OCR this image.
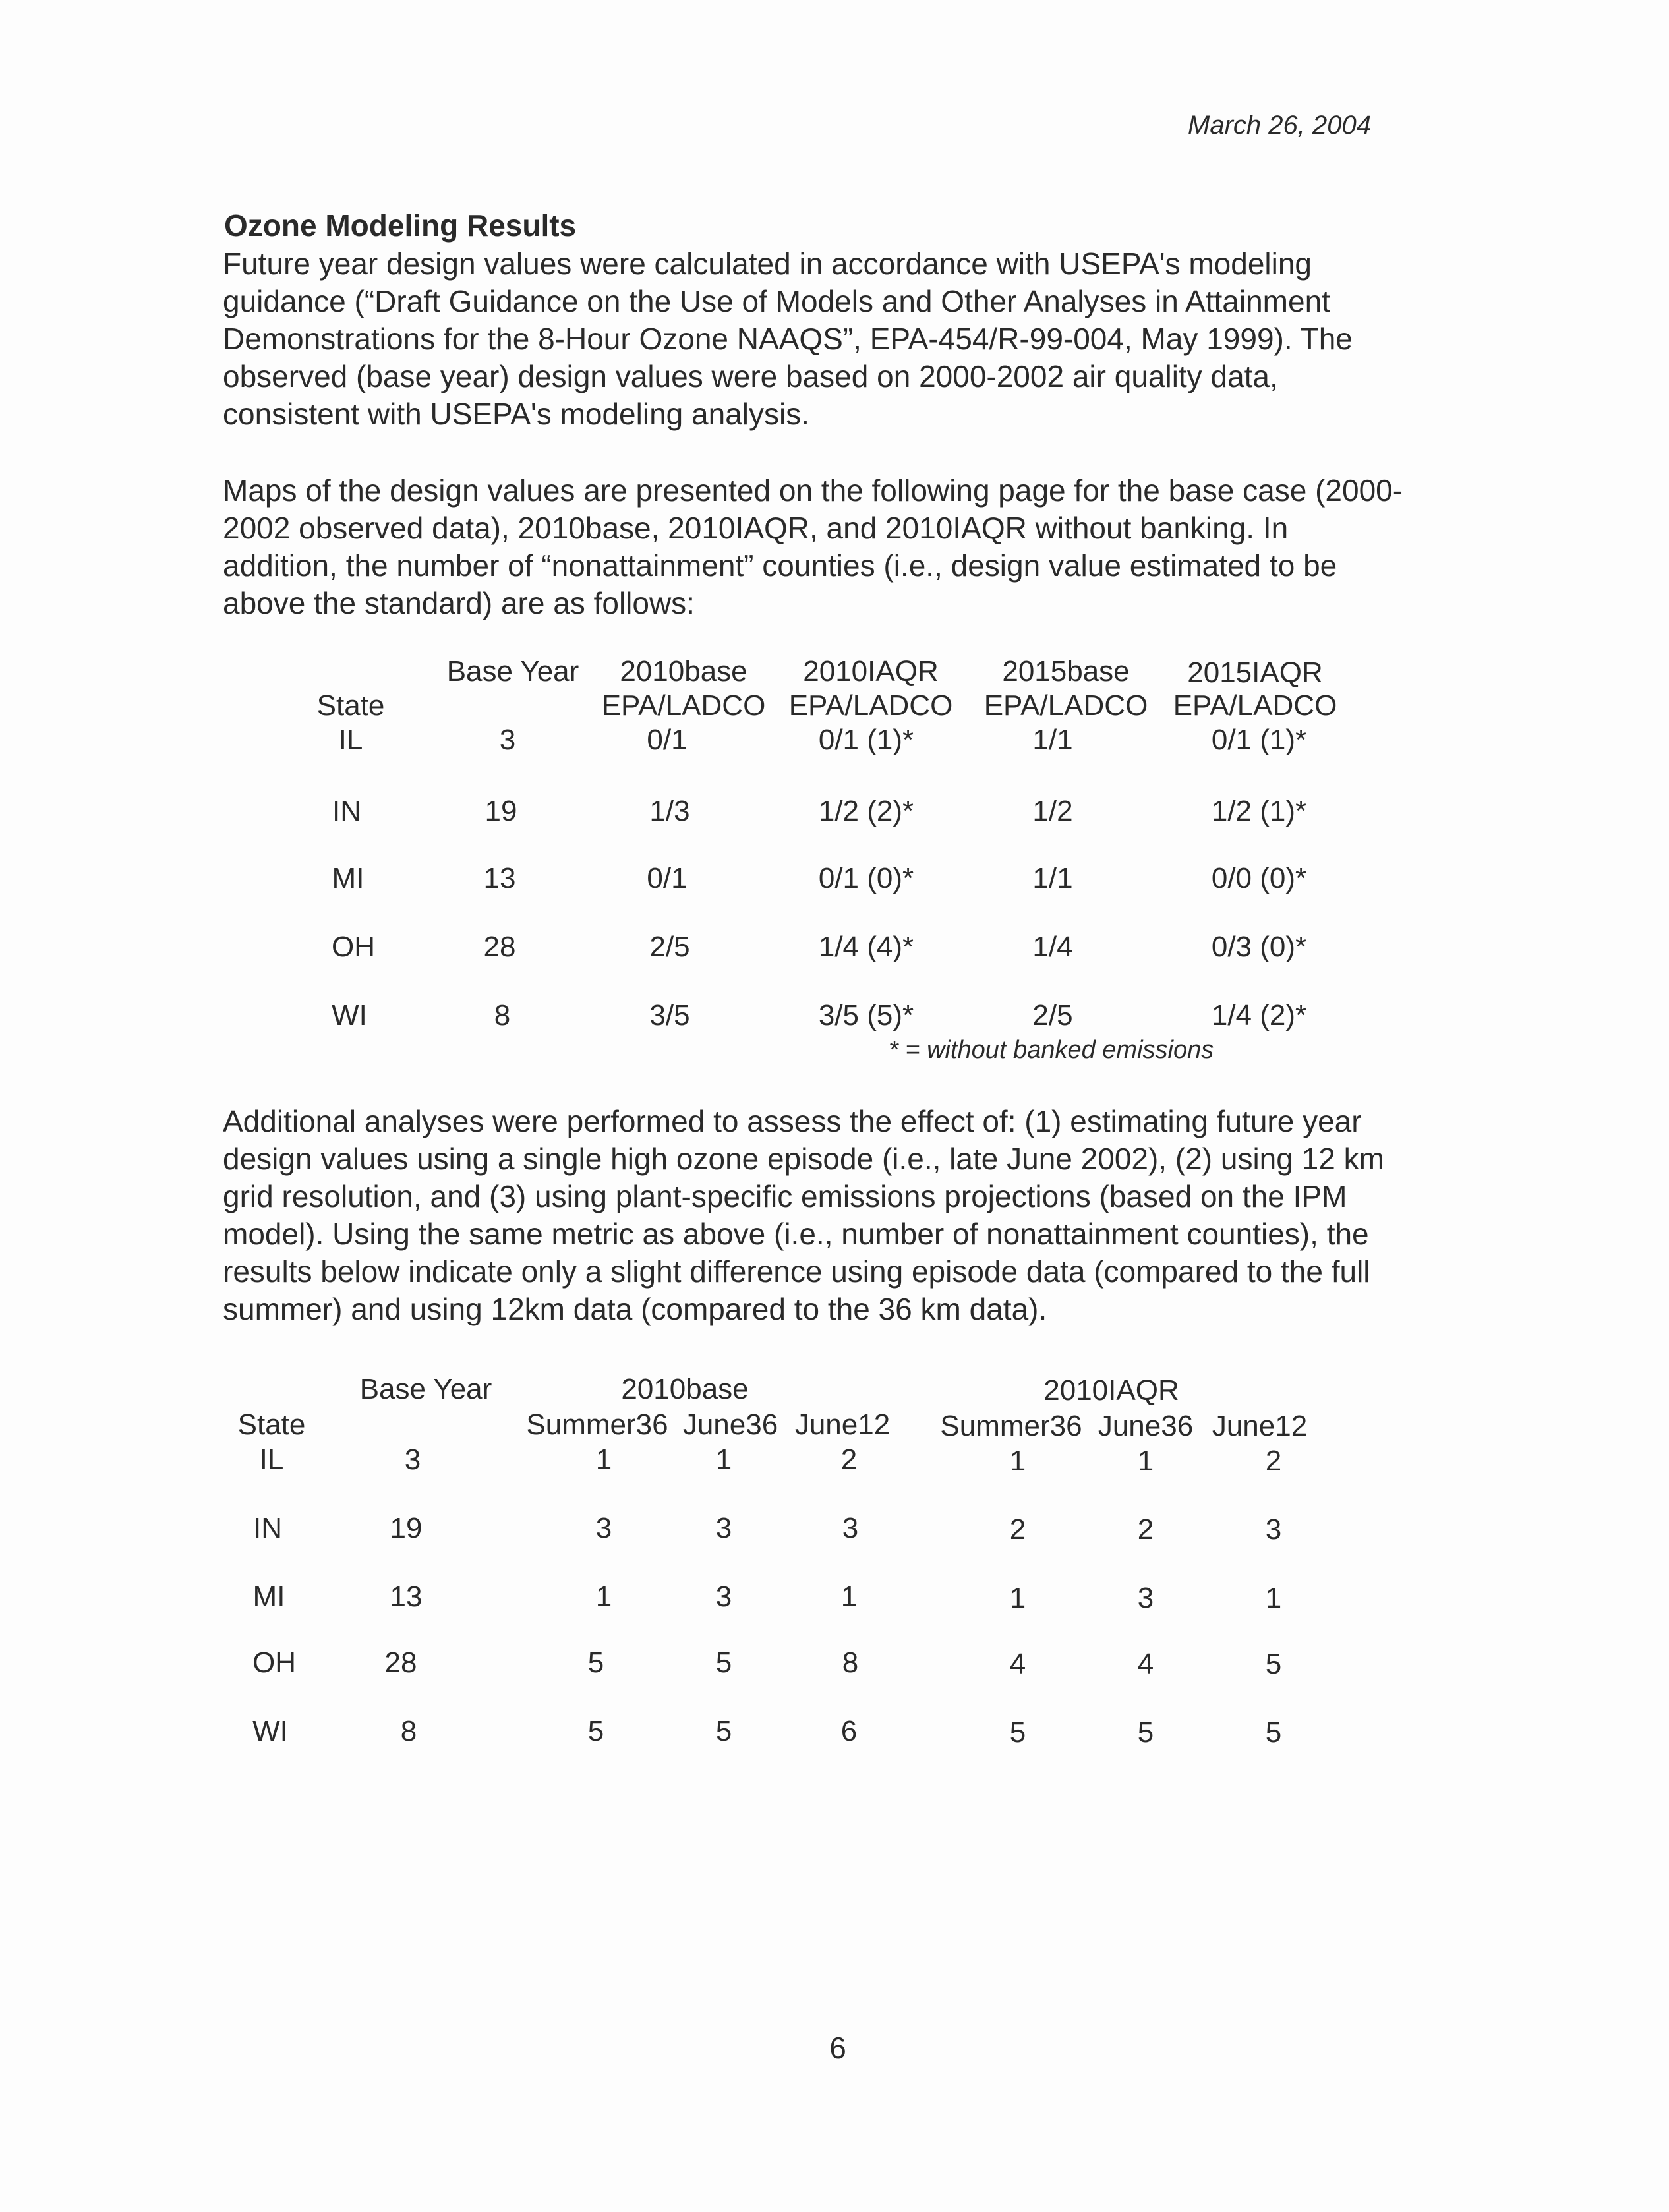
March 26, 2004
Ozone Modeling Results
Future year design values were calculated in accordance with USEPA's modeling
guidance (“Draft Guidance on the Use of Models and Other Analyses in Attainment
Demonstrations for the 8-Hour Ozone NAAQS”, EPA-454/R-99-004, May 1999). The
observed (base year) design values were based on 2000-2002 air quality data,
consistent with USEPA's modeling analysis.
Maps of the design values are presented on the following page for the base case (2000-
2002 observed data), 2010base, 2010IAQR, and 2010IAQR without banking. In
addition, the number of “nonattainment” counties (i.e., design value estimated to be
above the standard) are as follows:
Base Year 2010base 2010IAQR 2015base 2015IAQR
State	EPA/LADCO EPA/LADCO EPA/LADCO EPA/LADCO
IL	3	0/1	0/1 (1)*	1/1	0/1 (1)*
IN	19	1/3	1/2 (2)*	1/2	1/2 (1)*
MI	13	0/1	0/1 (0)*	1/1	0/0 (0)*
OH	28	2/5	1/4 (4)*	1/4	0/3 (0)*
WI	8	3/5	3/5 (5)*	2/5	1/4 (2)*
* = without banked emissions
Additional analyses were performed to assess the effect of: (1) estimating future year
design values using a single high ozone episode (i.e., late June 2002), (2) using 12 km
grid resolution, and (3) using plant-specific emissions projections (based on the IPM
model). Using the same metric as above (i.e., number of nonattainment counties), the
results below indicate only a slight difference using episode data (compared to the full
summer) and using 12km data (compared to the 36 km data).
Base Year	2010base	2010IAQR
State	Summer36 June36 June12 Summer36 June36 June12
IL	3	1	1	2	1	1	2
IN	19	3	3	3	2	2	3
MI	13	1	3	1	1	3	1
OH	28	5	5	8	4	4	5
WI	8	5	5	6	5	5	5
6
